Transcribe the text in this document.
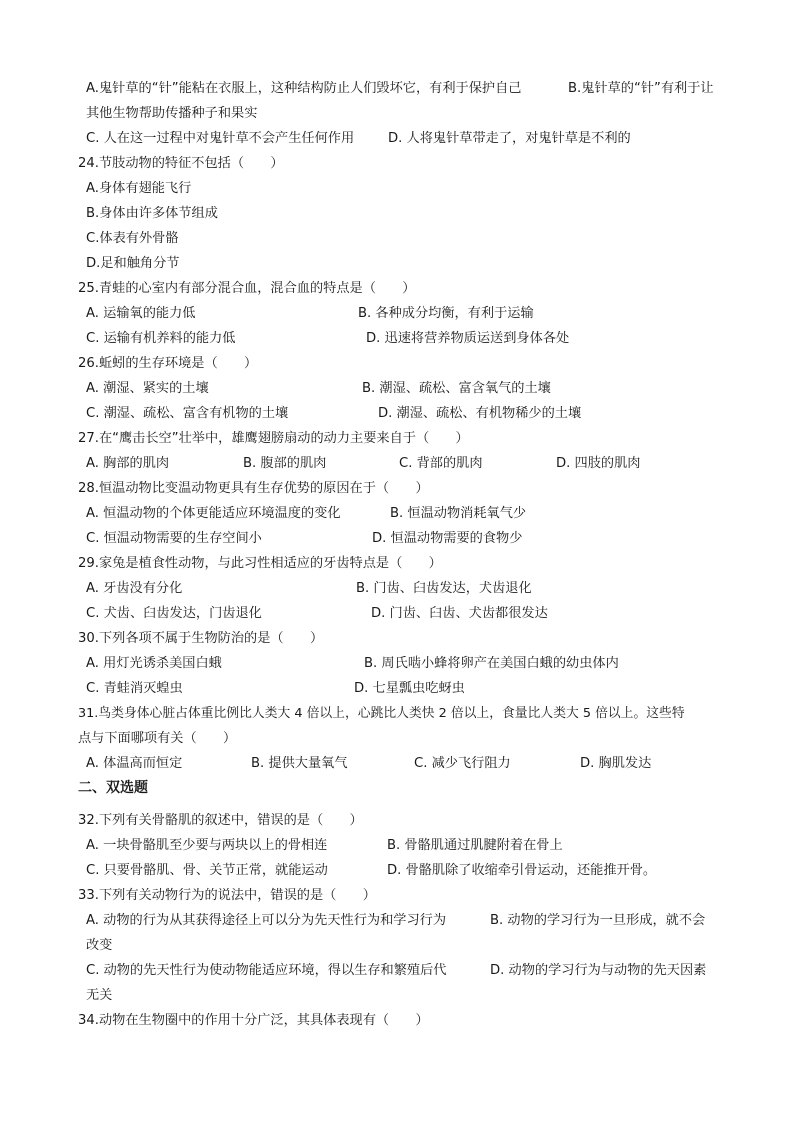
A.鬼针草的“针”能粘在衣服上，这种结构防止人们毁坏它，有利于保护自己	B.鬼针草的“针”有利于让
其他生物帮助传播种子和果实
C. 人在这一过程中对鬼针草不会产生任何作用	D. 人将鬼针草带走了，对鬼针草是不利的
24.节肢动物的特征不包括（　　）
A.身体有翅能飞行
B.身体由许多体节组成
C.体表有外骨骼
D.足和触角分节
25.青蛙的心室内有部分混合血，混合血的特点是（　　）
A. 运输氧的能力低	B. 各种成分均衡，有利于运输
C. 运输有机养料的能力低	D. 迅速将营养物质运送到身体各处
26.蚯蚓的生存环境是（　　）
A. 潮湿、紧实的土壤	B. 潮湿、疏松、富含氧气的土壤
C. 潮湿、疏松、富含有机物的土壤	D. 潮湿、疏松、有机物稀少的土壤
27.在“鹰击长空”壮举中，雄鹰翅膀扇动的动力主要来自于（　　）
A. 胸部的肌肉	B. 腹部的肌肉	C. 背部的肌肉	D. 四肢的肌肉
28.恒温动物比变温动物更具有生存优势的原因在于（　　）
A. 恒温动物的个体更能适应环境温度的变化	B. 恒温动物消耗氧气少
C. 恒温动物需要的生存空间小	D. 恒温动物需要的食物少
29.家兔是植食性动物，与此习性相适应的牙齿特点是（　　）
A. 牙齿没有分化	B. 门齿、臼齿发达，犬齿退化
C. 犬齿、臼齿发达，门齿退化	D. 门齿、臼齿、犬齿都很发达
30.下列各项不属于生物防治的是（　　）
A. 用灯光诱杀美国白蛾	B. 周氏啮小蜂将卵产在美国白蛾的幼虫体内
C. 青蛙消灭蝗虫	D. 七星瓢虫吃蚜虫
31.鸟类身体心脏占体重比例比人类大 4 倍以上，心跳比人类快 2 倍以上，食量比人类大 5 倍以上。这些特
点与下面哪项有关（　　）
A. 体温高而恒定	B. 提供大量氧气	C. 减少飞行阻力	D. 胸肌发达
二、双选题
32.下列有关骨骼肌的叙述中，错误的是（　　）
A. 一块骨骼肌至少要与两块以上的骨相连	B. 骨骼肌通过肌腱附着在骨上
C. 只要骨骼肌、骨、关节正常，就能运动	D. 骨骼肌除了收缩牵引骨运动，还能推开骨。
33.下列有关动物行为的说法中，错误的是（　　）
A. 动物的行为从其获得途径上可以分为先天性行为和学习行为	B. 动物的学习行为一旦形成，就不会
改变
C. 动物的先天性行为使动物能适应环境，得以生存和繁殖后代	D. 动物的学习行为与动物的先天因素
无关
34.动物在生物圈中的作用十分广泛，其具体表现有（　　）
